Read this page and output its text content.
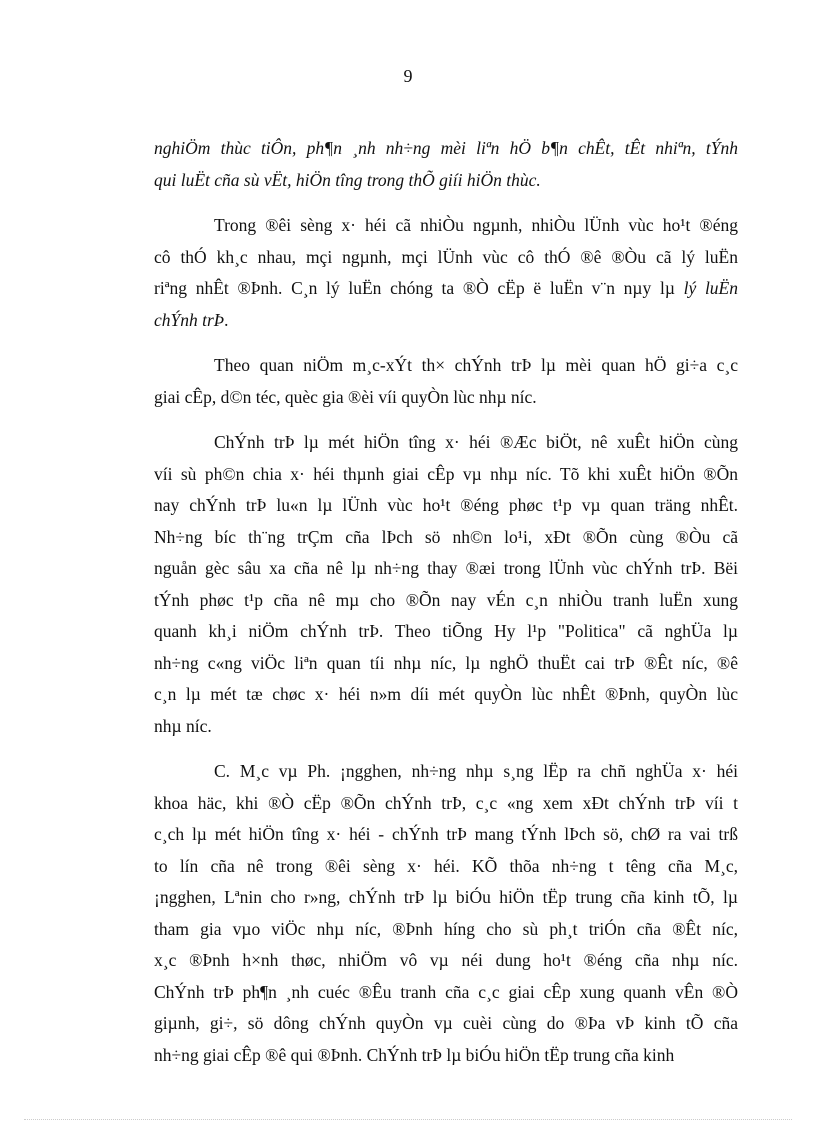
9
nghiÖm thùc tiÔn, ph¶n ¸nh nh÷ng mèi liªn hÖ b¶n chÊt, tÊt nhiªn, tÝnh
qui luËt cña sù vËt, hiÖn tîng trong thÕ giíi hiÖn thùc.
Trong ®êi sèng x· héi cã nhiÒu ngµnh, nhiÒu lÜnh vùc ho¹t ®éng
cô thÓ kh¸c nhau, mçi ngµnh, mçi lÜnh vùc cô thÓ ®ê ®Òu cã lý luËn
riªng nhÊt ®Þnh. C¸n lý luËn chóng ta ®Ò cËp ë luËn v¨n nµy lµ lý luËn
chÝnh trÞ.
Theo quan niÖm m¸c-xÝt th× chÝnh trÞ lµ mèi quan hÖ gi÷a c¸c
giai cÊp, d©n téc, quèc gia ®èi víi quyÒn lùc nhµ níc.
ChÝnh trÞ lµ mét hiÖn tîng x· héi ®Æc biÖt, nê xuÊt hiÖn cùng
víi sù ph©n chia x· héi thµnh giai cÊp vµ nhµ níc. Tõ khi xuÊt hiÖn ®Õn
nay chÝnh trÞ lu«n lµ lÜnh vùc ho¹t ®éng phøc t¹p vµ quan träng nhÊt.
Nh÷ng bíc th¨ng trÇm cña lÞch sö nh©n lo¹i, xÐt ®Õn cùng ®Òu cã
nguån gèc sâu xa cña nê lµ nh÷ng thay ®æi trong lÜnh vùc chÝnh trÞ. Bëi
tÝnh phøc t¹p cña nê mµ cho ®Õn nay vÉn c¸n nhiÒu tranh luËn xung
quanh kh¸i niÖm chÝnh trÞ. Theo tiÕng Hy l¹p "Politica" cã nghÜa lµ
nh÷ng c«ng viÖc liªn quan tíi nhµ níc, lµ nghÖ thuËt cai trÞ ®Êt níc, ®ê
c¸n lµ mét tæ chøc x· héi n»m díi mét quyÒn lùc nhÊt ®Þnh, quyÒn lùc
nhµ níc.
C. M¸c vµ Ph. ¡ngghen, nh÷ng nhµ s¸ng lËp ra chñ nghÜa x· héi
khoa häc, khi ®Ò cËp ®Õn chÝnh trÞ, c¸c «ng xem xÐt chÝnh trÞ víi t
c¸ch lµ mét hiÖn tîng x· héi - chÝnh trÞ mang tÝnh lÞch sö, chØ ra vai trß
to lín cña nê trong ®êi sèng x· héi. KÕ thõa nh÷ng t têng cña M¸c,
¡ngghen, Lªnin cho r»ng, chÝnh trÞ lµ biÓu hiÖn tËp trung cña kinh tÕ, lµ
tham gia vµo viÖc nhµ níc, ®Þnh híng cho sù ph¸t triÓn cña ®Êt níc,
x¸c ®Þnh h×nh thøc, nhiÖm vô vµ néi dung ho¹t ®éng cña nhµ níc.
ChÝnh trÞ ph¶n ¸nh cuéc ®Êu tranh cña c¸c giai cÊp xung quanh vÊn ®Ò
giµnh, gi÷, sö dông chÝnh quyÒn vµ cuèi cùng do ®Þa vÞ kinh tÕ cña
nh÷ng giai cÊp ®ê qui ®Þnh. ChÝnh trÞ lµ biÓu hiÖn tËp trung cña kinh
